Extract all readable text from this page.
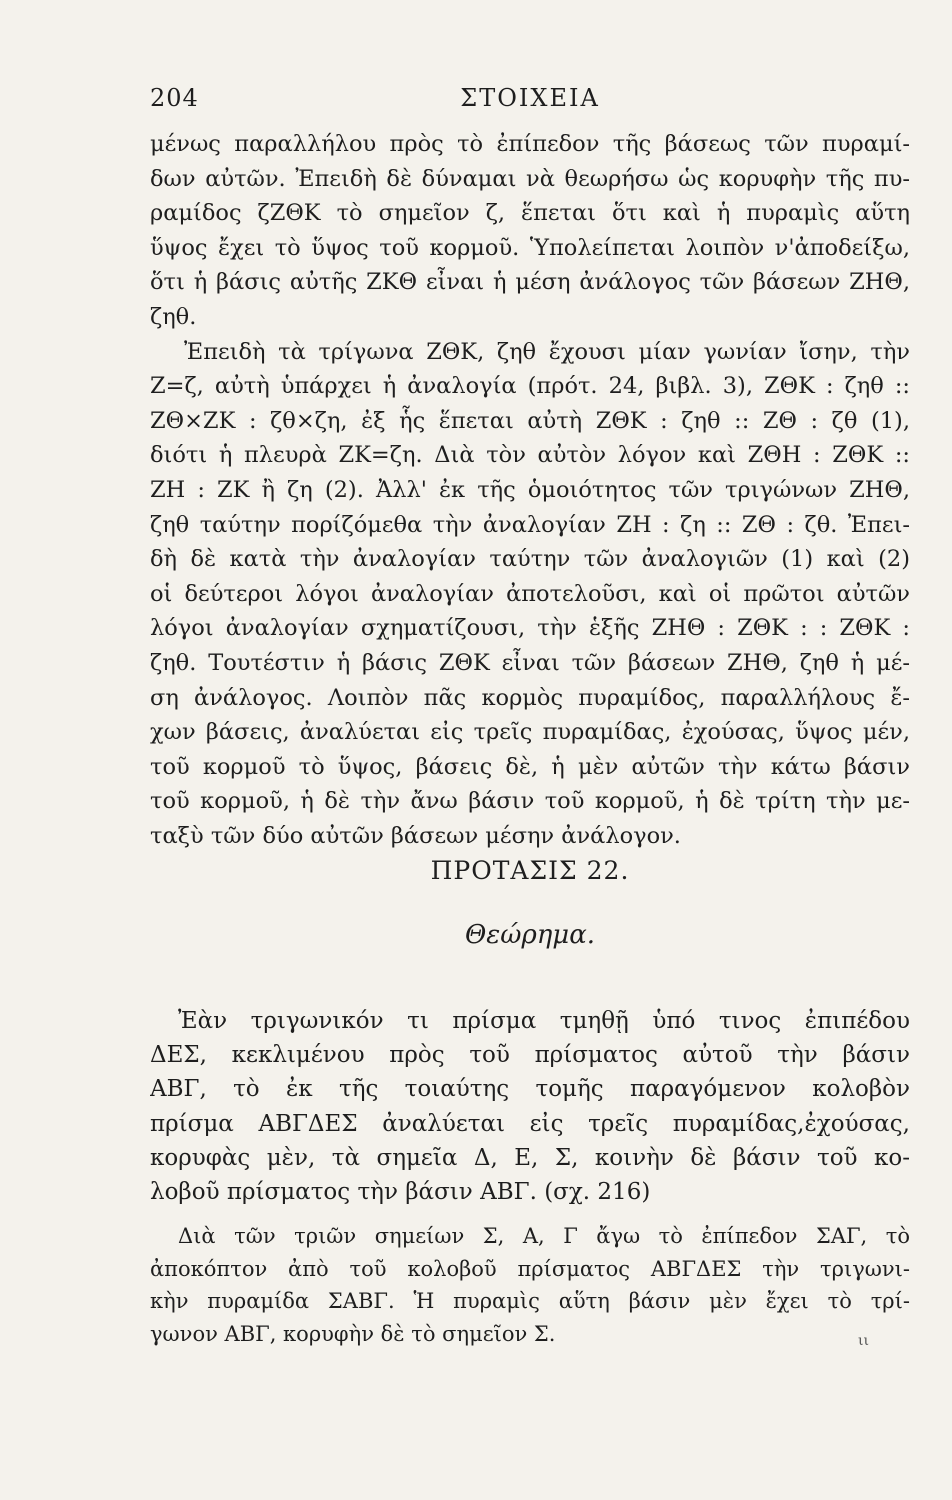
204	ΣΤΟΙΧΕΙΑ
μένως παραλλήλου πρὸς τὸ ἐπίπεδον τῆς βάσεως τῶν πυραμί-
δων αὐτῶν. Ἐπειδὴ δὲ δύναμαι νὰ θεωρήσω ὡς κορυφὴν τῆς πυ-
ραμίδος ζΖΘΚ τὸ σημεῖον ζ, ἕπεται ὅτι καὶ ἡ πυραμὶς αὕτη
ὕψος ἔχει τὸ ὕψος τοῦ κορμοῦ. Ὑπολείπεται λοιπὸν ν'ἀποδείξω,
ὅτι ἡ βάσις αὐτῆς ΖΚΘ εἶναι ἡ μέση ἀνάλογος τῶν βάσεων ΖΗΘ,
ζηθ.
Ἐπειδὴ τὰ τρίγωνα ΖΘΚ, ζηθ ἔχουσι μίαν γωνίαν ἴσην, τὴν
Ζ=ζ, αὐτὴ ὑπάρχει ἡ ἀναλογία (πρότ. 24, βιβλ. 3), ΖΘΚ : ζηθ ::
ΖΘ×ΖΚ : ζθ×ζη, ἐξ ἧς ἕπεται αὐτὴ ΖΘΚ : ζηθ :: ΖΘ : ζθ (1),
διότι ἡ πλευρὰ ΖΚ=ζη. Διὰ τὸν αὐτὸν λόγον καὶ ΖΘΗ : ΖΘΚ ::
ΖΗ : ΖΚ ἢ ζη (2). Ἀλλ' ἐκ τῆς ὁμοιότητος τῶν τριγώνων ΖΗΘ,
ζηθ ταύτην πορίζόμεθα τὴν ἀναλογίαν ΖΗ : ζη :: ΖΘ : ζθ. Ἐπει-
δὴ δὲ κατὰ τὴν ἀναλογίαν ταύτην τῶν ἀναλογιῶν (1) καὶ (2)
οἱ δεύτεροι λόγοι ἀναλογίαν ἀποτελοῦσι, καὶ οἱ πρῶτοι αὐτῶν
λόγοι ἀναλογίαν σχηματίζουσι, τὴν ἑξῆς ΖΗΘ : ΖΘΚ : : ΖΘΚ :
ζηθ. Τουτέστιν ἡ βάσις ΖΘΚ εἶναι τῶν βάσεων ΖΗΘ, ζηθ ἡ μέ-
ση ἀνάλογος. Λοιπὸν πᾶς κορμὸς πυραμίδος, παραλλήλους ἔ-
χων βάσεις, ἀναλύεται εἰς τρεῖς πυραμίδας, ἐχούσας, ὕψος μέν,
τοῦ κορμοῦ τὸ ὕψος, βάσεις δὲ, ἡ μὲν αὐτῶν τὴν κάτω βάσιν
τοῦ κορμοῦ, ἡ δὲ τὴν ἄνω βάσιν τοῦ κορμοῦ, ἡ δὲ τρίτη τὴν με-
ταξὺ τῶν δύο αὐτῶν βάσεων μέσην ἀνάλογον.
ΠΡΟΤΑΣΙΣ 22.
Θεώρημα.
Ἐὰν τριγωνικόν τι πρίσμα τμηθῇ ὑπό τινος ἐπιπέδου
ΔΕΣ, κεκλιμένου πρὸς τοῦ πρίσματος αὐτοῦ τὴν βάσιν
ΑΒΓ, τὸ ἐκ τῆς τοιαύτης τομῆς παραγόμενον κολοβὸν
πρίσμα ΑΒΓΔΕΣ ἀναλύεται εἰς τρεῖς πυραμίδας,ἐχούσας,
κορυφὰς μὲν, τὰ σημεῖα Δ, Ε, Σ, κοινὴν δὲ βάσιν τοῦ κο-
λοβοῦ πρίσματος τὴν βάσιν ΑΒΓ. (σχ. 216)
Διὰ τῶν τριῶν σημείων Σ, Α, Γ ἄγω τὸ ἐπίπεδον ΣΑΓ, τὸ
ἀποκόπτον ἀπὸ τοῦ κολοβοῦ πρίσματος ΑΒΓΔΕΣ τὴν τριγωνι-
κὴν πυραμίδα ΣΑΒΓ. Ἡ πυραμὶς αὕτη βάσιν μὲν ἔχει τὸ τρί-
γωνον ΑΒΓ, κορυφὴν δὲ τὸ σημεῖον Σ.	ιι
